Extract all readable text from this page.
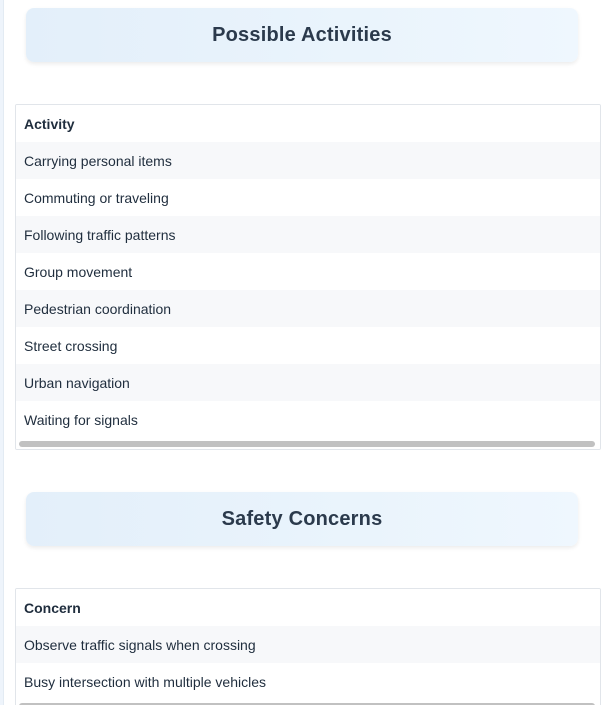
Possible Activities
Activity
Carrying personal items
Commuting or traveling
Following traffic patterns
Group movement
Pedestrian coordination
Street crossing
Urban navigation
Waiting for signals
Safety Concerns
Concern
Observe traffic signals when crossing
Busy intersection with multiple vehicles
